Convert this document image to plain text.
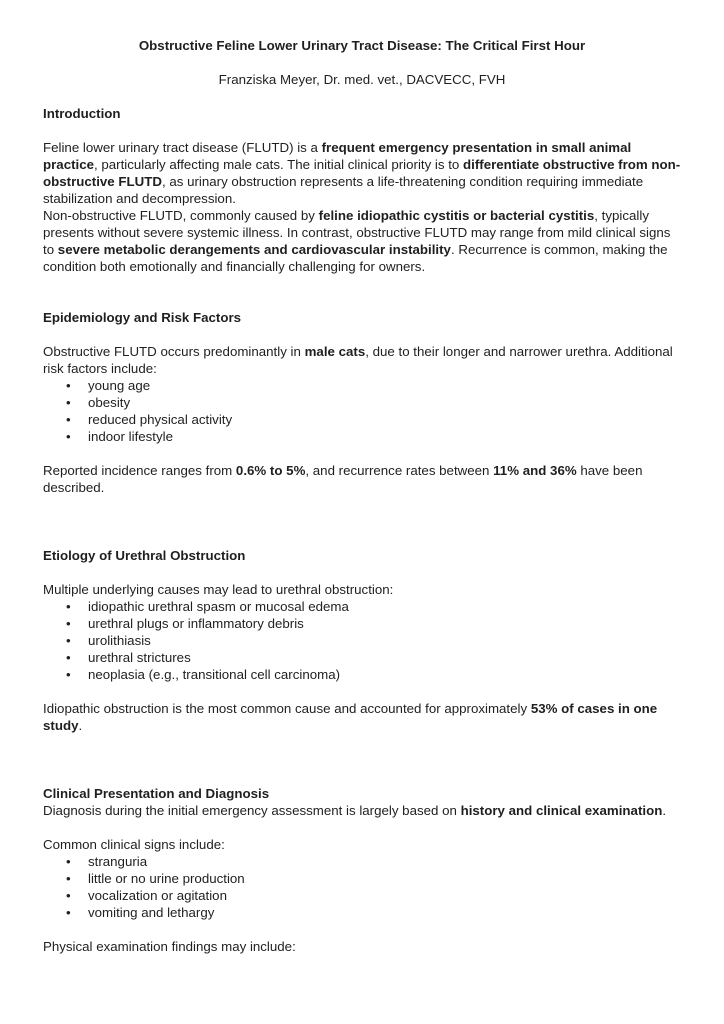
Obstructive Feline Lower Urinary Tract Disease: The Critical First Hour
Franziska Meyer, Dr. med. vet., DACVECC, FVH
Introduction
Feline lower urinary tract disease (FLUTD) is a frequent emergency presentation in small animal practice, particularly affecting male cats. The initial clinical priority is to differentiate obstructive from non-obstructive FLUTD, as urinary obstruction represents a life-threatening condition requiring immediate stabilization and decompression.
Non-obstructive FLUTD, commonly caused by feline idiopathic cystitis or bacterial cystitis, typically presents without severe systemic illness. In contrast, obstructive FLUTD may range from mild clinical signs to severe metabolic derangements and cardiovascular instability. Recurrence is common, making the condition both emotionally and financially challenging for owners.
Epidemiology and Risk Factors
Obstructive FLUTD occurs predominantly in male cats, due to their longer and narrower urethra. Additional risk factors include:
• young age
• obesity
• reduced physical activity
• indoor lifestyle
Reported incidence ranges from 0.6% to 5%, and recurrence rates between 11% and 36% have been described.
Etiology of Urethral Obstruction
Multiple underlying causes may lead to urethral obstruction:
• idiopathic urethral spasm or mucosal edema
• urethral plugs or inflammatory debris
• urolithiasis
• urethral strictures
• neoplasia (e.g., transitional cell carcinoma)
Idiopathic obstruction is the most common cause and accounted for approximately 53% of cases in one study.
Clinical Presentation and Diagnosis
Diagnosis during the initial emergency assessment is largely based on history and clinical examination.
Common clinical signs include:
• stranguria
• little or no urine production
• vocalization or agitation
• vomiting and lethargy
Physical examination findings may include:
